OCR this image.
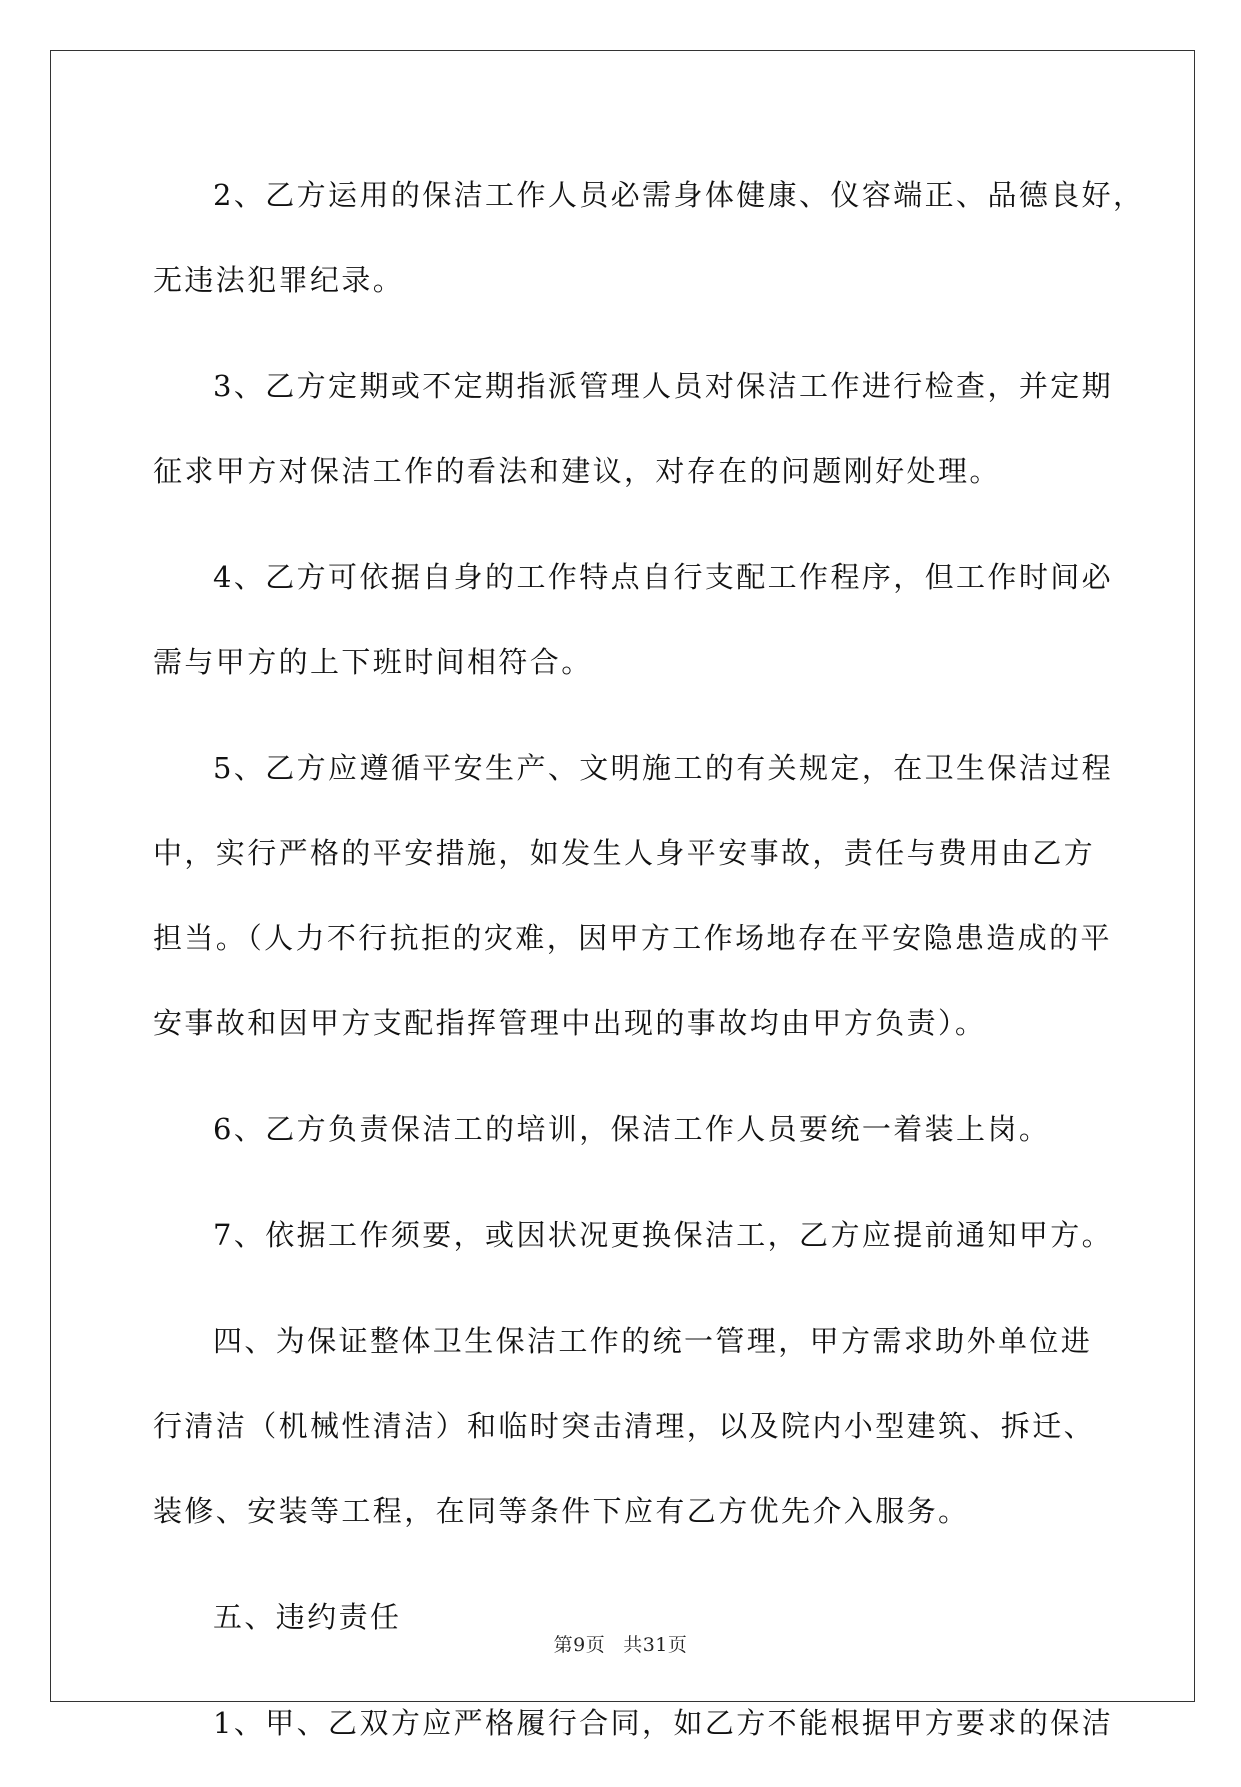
2、乙方运用的保洁工作人员必需身体健康、仪容端正、品德良好，
无违法犯罪纪录。

3、乙方定期或不定期指派管理人员对保洁工作进行检查，并定期
征求甲方对保洁工作的看法和建议，对存在的问题刚好处理。

4、乙方可依据自身的工作特点自行支配工作程序，但工作时间必
需与甲方的上下班时间相符合。

5、乙方应遵循平安生产、文明施工的有关规定，在卫生保洁过程
中，实行严格的平安措施，如发生人身平安事故，责任与费用由乙方
担当。（人力不行抗拒的灾难，因甲方工作场地存在平安隐患造成的平
安事故和因甲方支配指挥管理中出现的事故均由甲方负责）。

6、乙方负责保洁工的培训，保洁工作人员要统一着装上岗。

7、依据工作须要，或因状况更换保洁工，乙方应提前通知甲方。

四、为保证整体卫生保洁工作的统一管理，甲方需求助外单位进
行清洁（机械性清洁）和临时突击清理，以及院内小型建筑、拆迁、
装修、安装等工程，在同等条件下应有乙方优先介入服务。

五、违约责任

1、甲、乙双方应严格履行合同，如乙方不能根据甲方要求的保洁

第9页 共31页
